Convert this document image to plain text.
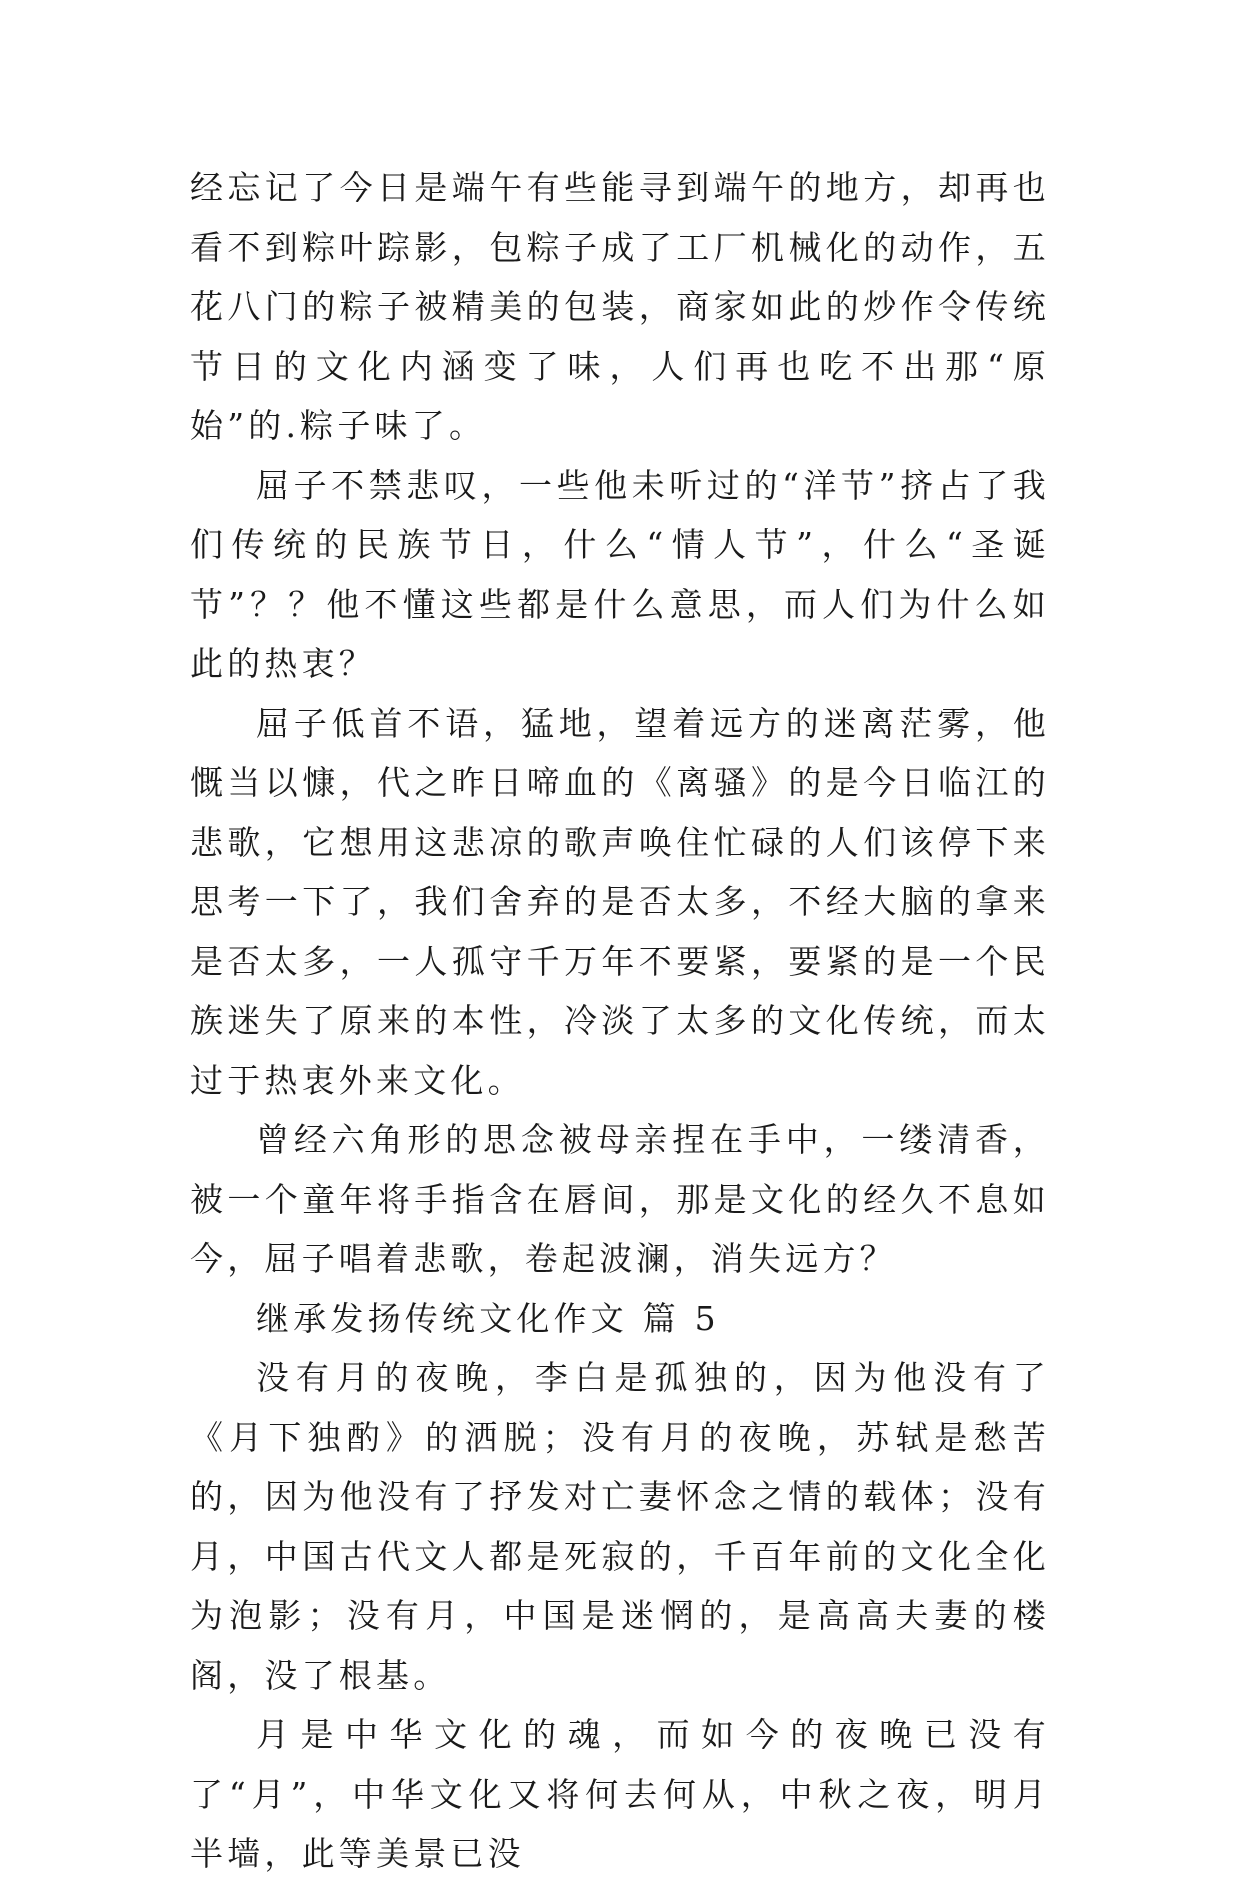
经忘记了今日是端午有些能寻到端午的地方，却再也看不到粽叶踪影，包粽子成了工厂机械化的动作，五花八门的粽子被精美的包装，商家如此的炒作令传统节日的文化内涵变了味，人们再也吃不出那“原始”的.粽子味了。

屈子不禁悲叹，一些他未听过的“洋节”挤占了我们传统的民族节日，什么“情人节”，什么“圣诞节”？？他不懂这些都是什么意思，而人们为什么如此的热衷？

屈子低首不语，猛地，望着远方的迷离茫雾，他慨当以慷，代之昨日啼血的《离骚》的是今日临江的悲歌，它想用这悲凉的歌声唤住忙碌的人们该停下来思考一下了，我们舍弃的是否太多，不经大脑的拿来是否太多，一人孤守千万年不要紧，要紧的是一个民族迷失了原来的本性，冷淡了太多的文化传统，而太过于热衷外来文化。

曾经六角形的思念被母亲捏在手中，一缕清香，被一个童年将手指含在唇间，那是文化的经久不息如今，屈子唱着悲歌，卷起波澜，消失远方？

继承发扬传统文化作文 篇 5

没有月的夜晚，李白是孤独的，因为他没有了《月下独酌》的洒脱；没有月的夜晚，苏轼是愁苦的，因为他没有了抒发对亡妻怀念之情的载体；没有月，中国古代文人都是死寂的，千百年前的文化全化为泡影；没有月，中国是迷惘的，是高高夫妻的楼阁，没了根基。

月是中华文化的魂，而如今的夜晚已没有了“月”，中华文化又将何去何从，中秋之夜，明月半墙，此等美景已没
